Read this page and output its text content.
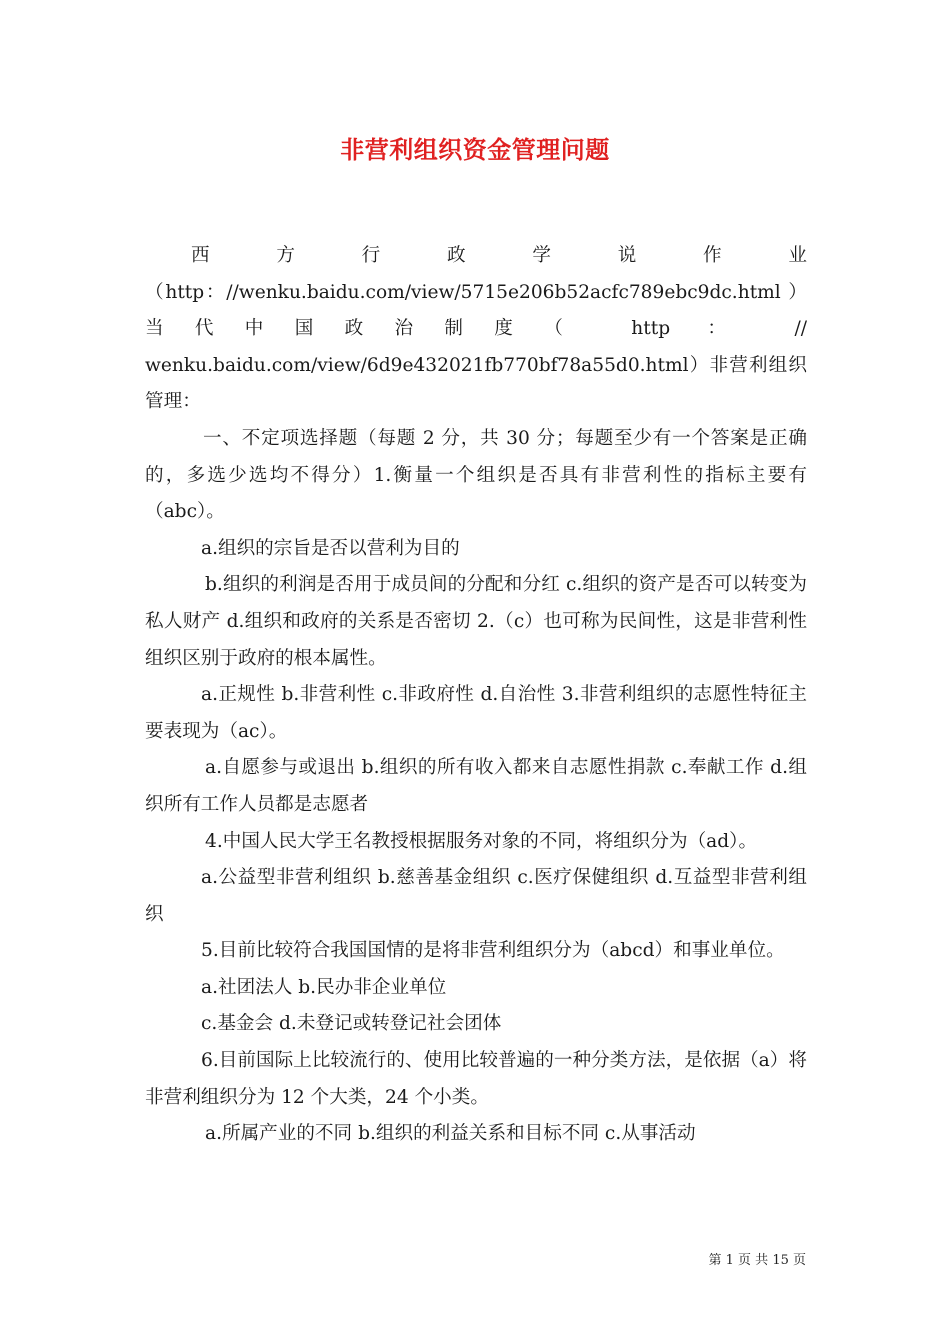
非营利组织资金管理问题

西方行政学说作业（http：//wenku.baidu.com/view/5715e206b52acfc789ebc9dc.html ）当代中国政治制度（ http ： // wenku.baidu.com/view/6d9e432021fb770bf78a55d0.html）非营利组织管理：

一、不定项选择题（每题 2 分，共 30 分；每题至少有一个答案是正确的，多选少选均不得分）1.衡量一个组织是否具有非营利性的指标主要有（abc）。

a.组织的宗旨是否以营利为目的

b.组织的利润是否用于成员间的分配和分红 c.组织的资产是否可以转变为私人财产 d.组织和政府的关系是否密切 2.（c）也可称为民间性，这是非营利性组织区别于政府的根本属性。

a.正规性 b.非营利性 c.非政府性 d.自治性 3.非营利组织的志愿性特征主要表现为（ac）。

a.自愿参与或退出 b.组织的所有收入都来自志愿性捐款 c.奉献工作 d.组织所有工作人员都是志愿者

4.中国人民大学王名教授根据服务对象的不同，将组织分为（ad）。

a.公益型非营利组织 b.慈善基金组织 c.医疗保健组织 d.互益型非营利组织

5.目前比较符合我国国情的是将非营利组织分为（abcd）和事业单位。

a.社团法人 b.民办非企业单位

c.基金会 d.未登记或转登记社会团体

6.目前国际上比较流行的、使用比较普遍的一种分类方法，是依据（a）将非营利组织分为 12 个大类，24 个小类。

a.所属产业的不同 b.组织的利益关系和目标不同 c.从事活动

第 1 页 共 15 页
